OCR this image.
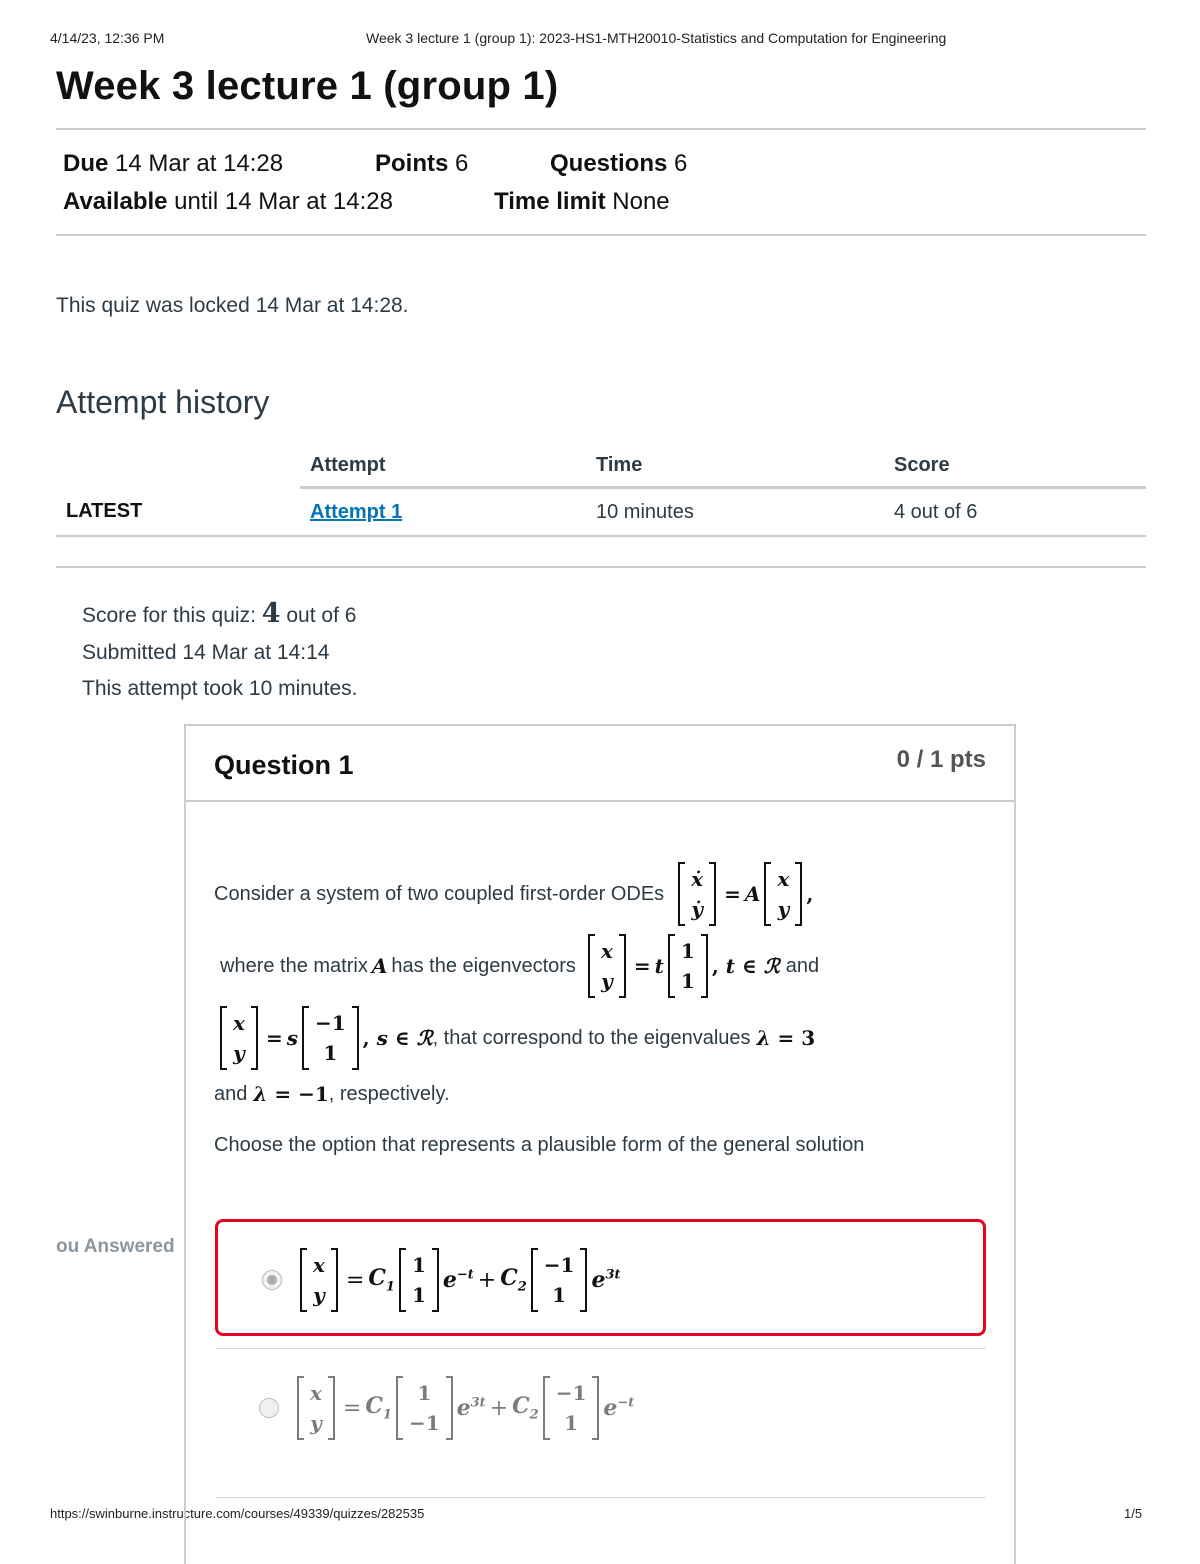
4/14/23, 12:36 PM	Week 3 lecture 1 (group 1): 2023-HS1-MTH20010-Statistics and Computation for Engineering
https://swinburne.instructure.com/courses/49339/quizzes/282535	1/5
Week 3 lecture 1 (group 1)
Due 14 Mar at 14:28	Points 6	Questions 6
Available until 14 Mar at 14:28	Time limit None
This quiz was locked 14 Mar at 14:28.
Attempt history
	Attempt	Time	Score
LATEST	Attempt 1	10 minutes	4 out of 6
Score for this quiz: 4 out of 6
Submitted 14 Mar at 14:14
This attempt took 10 minutes.
Question 1	0 / 1 pts
Consider a system of two coupled first-order ODEs
ẋ
ẏ
= A
x
y
,
where the matrix A has the eigenvectors
x
y
= t
1
1
, t ∈ ℛ and
x
y
= s
−1
1
, s ∈ ℛ , that correspond to the eigenvalues λ = 3
and λ = −1 , respectively.
Choose the option that represents a plausible form of the general solution
ou Answered
x
y
= $C_1$
1
1
$e^{-t} + C_2$
−1
1
$e^{3t}$
x
y
= $C_1$
1
−1
$e^{3t} + C_2$
−1
1
$e^{-t}$
